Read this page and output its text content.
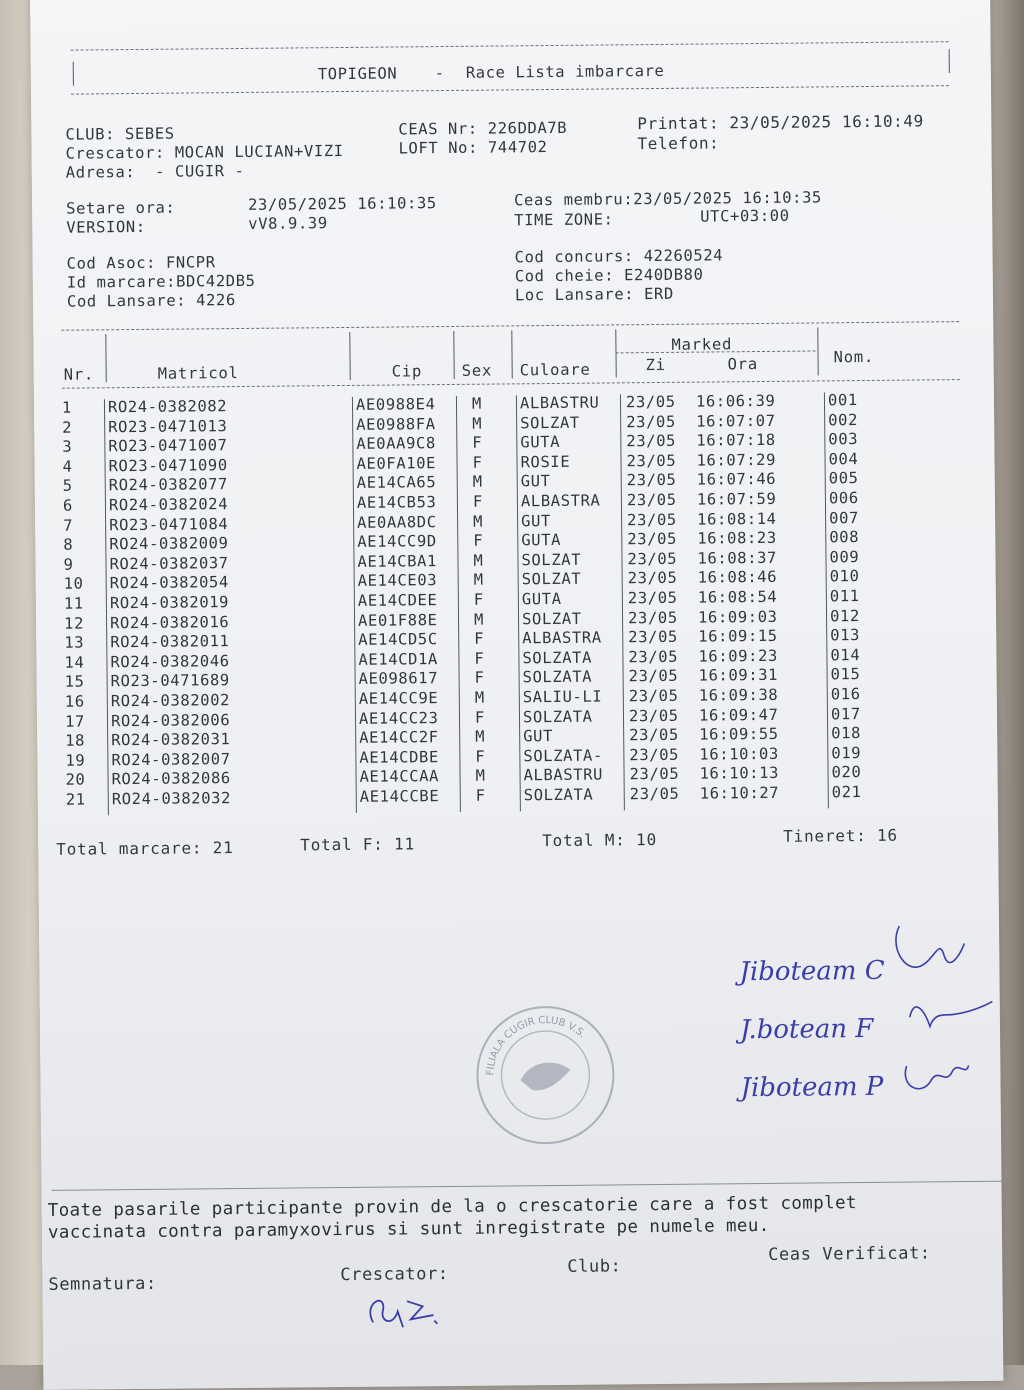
TOPIGEON - Race Lista imbarcare
CLUB: SEBES
Crescator: MOCAN LUCIAN+VIZI
Adresa:  - CUGIR -
CEAS Nr: 226DDA7B
LOFT No: 744702
Printat: 23/05/2025 16:10:49
Telefon:
Setare ora:	23/05/2025 16:10:35
VERSION:	vV8.9.39
Ceas membru:23/05/2025 16:10:35
TIME ZONE:	UTC+03:00
Cod Asoc: FNCPR
Id marcare:BDC42DB5
Cod Lansare: 4226
Cod concurs: 42260524
Cod cheie: E240DB80
Loc Lansare: ERD
Nr.	Matricol	Cip	Sex Culoare
Marked
Zi	Ora	Nom.
1 RO24-0382082	AE0988E4 M ALBASTRU 23/05 16:06:39	001
2 RO23-0471013	AE0988FA M SOLZAT	23/05 16:07:07	002
3 RO23-0471007	AE0AA9C8 F GUTA	23/05 16:07:18	003
4 RO23-0471090	AE0FA10E F ROSIE	23/05 16:07:29	004
5 RO24-0382077	AE14CA65 M GUT	23/05 16:07:46	005
6 RO24-0382024	AE14CB53 F ALBASTRA 23/05 16:07:59	006
7 RO23-0471084	AE0AA8DC M GUT	23/05 16:08:14	007
8 RO24-0382009	AE14CC9D F GUTA	23/05 16:08:23	008
9 RO24-0382037	AE14CBA1 M SOLZAT	23/05 16:08:37	009
10 RO24-0382054	AE14CE03 M SOLZAT	23/05 16:08:46	010
11 RO24-0382019	AE14CDEE F GUTA	23/05 16:08:54	011
12 RO24-0382016	AE01F88E M SOLZAT	23/05 16:09:03	012
13 RO24-0382011	AE14CD5C F ALBASTRA 23/05 16:09:15	013
14 RO24-0382046	AE14CD1A F SOLZATA 23/05 16:09:23	014
15 RO23-0471689	AE098617 F SOLZATA 23/05 16:09:31	015
16 RO24-0382002	AE14CC9E M SALIU-LI 23/05 16:09:38	016
17 RO24-0382006	AE14CC23 F SOLZATA 23/05 16:09:47	017
18 RO24-0382031	AE14CC2F M GUT	23/05 16:09:55	018
19 RO24-0382007	AE14CDBE F SOLZATA- 23/05 16:10:03	019
20 RO24-0382086	AE14CCAA M ALBASTRU 23/05 16:10:13	020
21 RO24-0382032	AE14CCBE F SOLZATA 23/05 16:10:27	021
Total marcare: 21	Total F: 11	Total M: 10	Tineret: 16
Jiboteam C
J.botean F
Jiboteam P
FILIALA CUGIR CLUB V.S.
Toate pasarile participante provin de la o crescatorie care a fost complet
vaccinata contra paramyxovirus si sunt inregistrate pe numele meu.
Semnatura:	Crescator:	Club:
Ceas Verificat:
